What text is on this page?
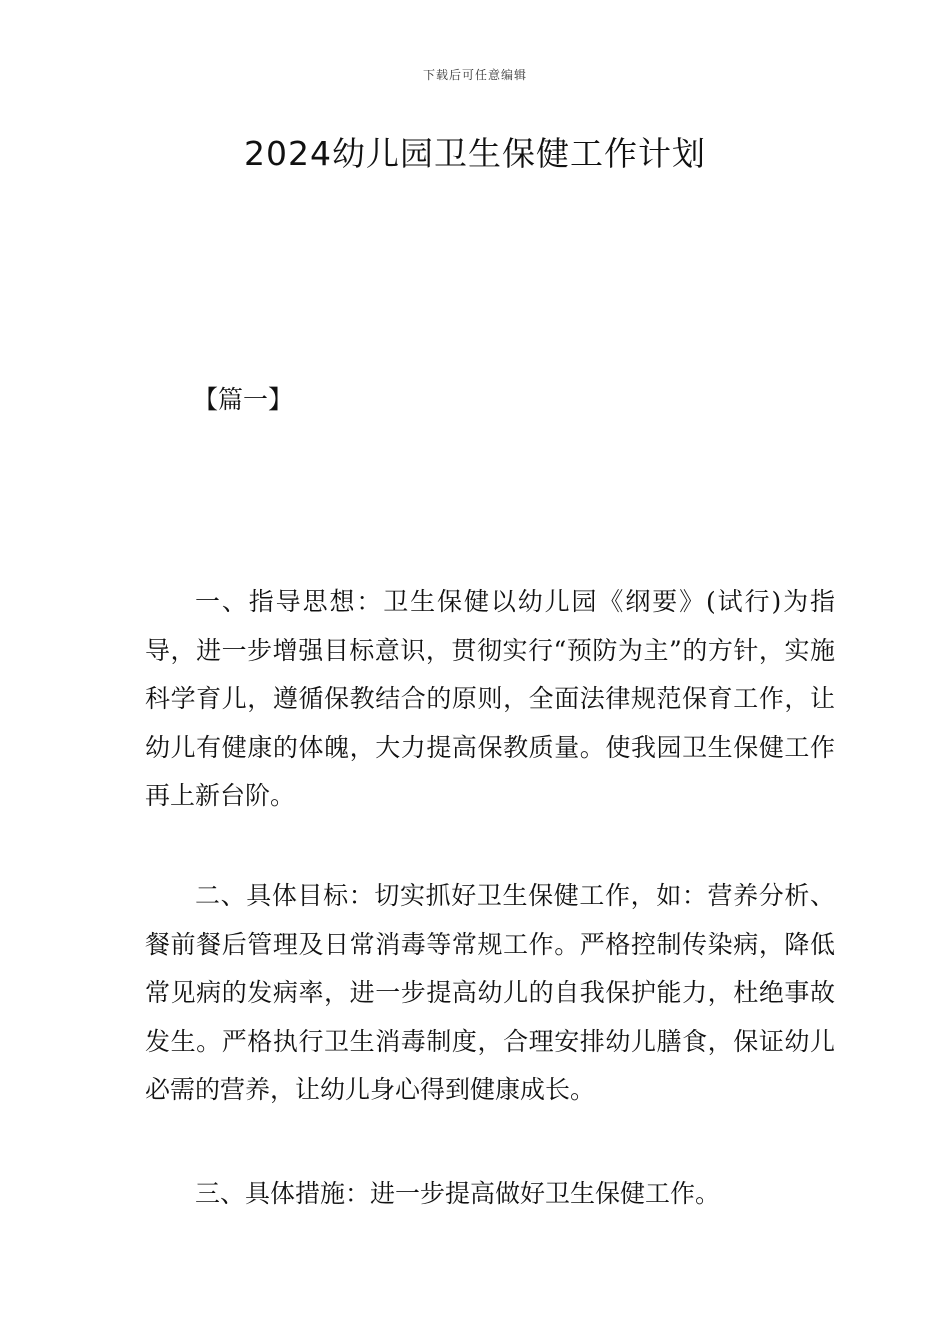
下载后可任意编辑
2024幼儿园卫生保健工作计划
【篇一】

一、指导思想：卫生保健以幼儿园《纲要》(试行)为指导，进一步增强目标意识，贯彻实行“预防为主”的方针，实施科学育儿，遵循保教结合的原则，全面法律规范保育工作，让幼儿有健康的体魄，大力提高保教质量。使我园卫生保健工作再上新台阶。

二、具体目标：切实抓好卫生保健工作，如：营养分析、餐前餐后管理及日常消毒等常规工作。严格控制传染病，降低常见病的发病率，进一步提高幼儿的自我保护能力，杜绝事故发生。严格执行卫生消毒制度，合理安排幼儿膳食，保证幼儿必需的营养，让幼儿身心得到健康成长。

三、具体措施：进一步提高做好卫生保健工作。
